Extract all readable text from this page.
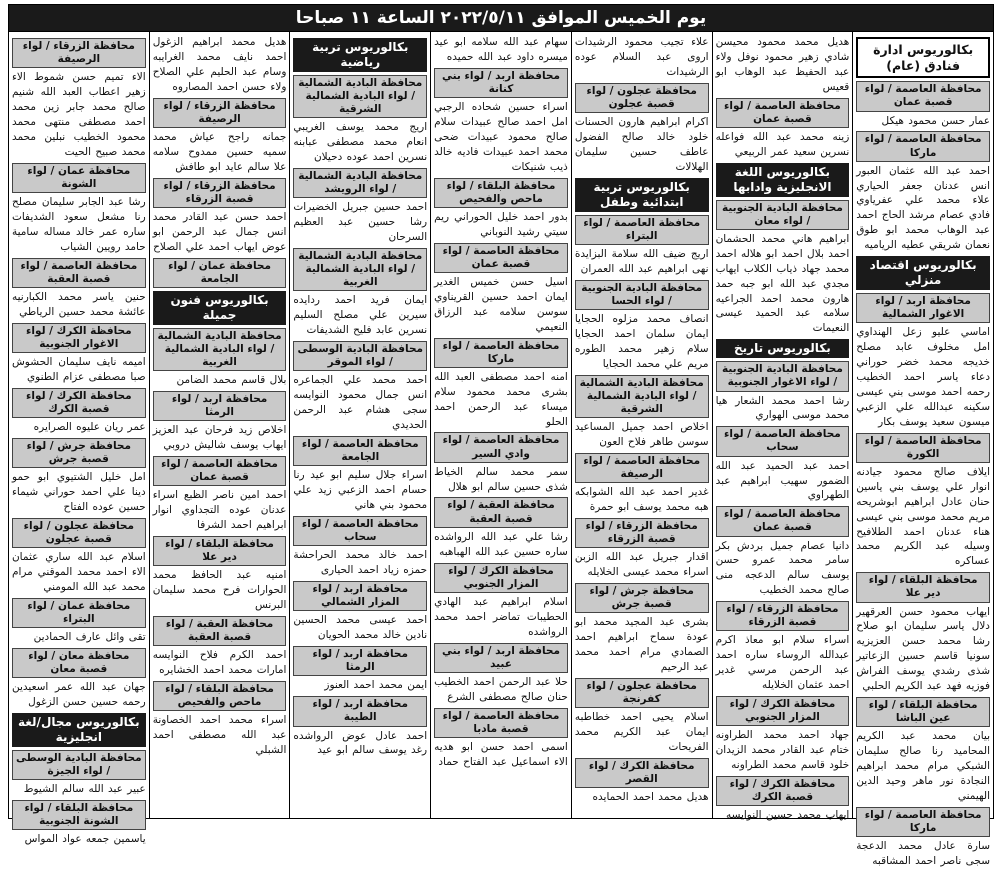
يوم الخميس الموافق ٢٠٢٢/٥/١١ الساعة ١١ صباحا
بكالوريوس ادارة فنادق (عام)
محافظة العاصمة / لواء قصبة عمان
عمار حسن محمود هيكل
محافظة العاصمة / لواء ماركا
احمد عبد الله عثمان العبور انس عدنان جعفر الحياري علاء محمد علي عفرياوي فادي عصام مرشد الحاج احمد عبد الوهاب محمد ابو طوق نعمان شريقي عطيه الرياميه
بكالوريوس اقتصاد منزلي
محافظة اربد / لواء الاغوار الشمالية
اماسي عليو زعل الهنداوي امل مخلوف عابد مصلح خديجه محمد خضر حوراني دعاء ياسر احمد الخطيب رحمه احمد موسى بني عيسى سكينه عبدالله علي الزعبي ميسون سعيد يوسف بكار
محافظة العاصمة / لواء الكورة
ايلاف صالح محمود جيادنه انوار علي يوسف بني ياسين حنان عادل ابراهيم ابوشريحه مريم محمد موسى بني عيسى هناء عدنان احمد الطلافيح وسيله عبد الكريم محمد عساكره
محافظة البلقاء / لواء دير علا
ايهاب محمود حسن العرقهير دلال ياسر سليمان ابو صلاح رشا محمد حسن العزيزيه سونيا قاسم حسين الزعاتير شذى رشدي يوسف الفراش فوزيه فهد عبد الكريم الحلبي
محافظة البلقاء / لواء عين الباشا
بيان محمد عبد الكريم المحاميد رنا صالح سليمان الشبكي مرام محمد ابراهيم النجادة نور ماهر وحيد الدين الهيمني
محافظة العاصمة / لواء ماركا
سارة عادل محمد الدعجة سجى ناصر احمد المشاقبه
هديل محمد محمود محيسن شادي زهير محمود نوفل ولاء عبد الحفيظ عبد الوهاب ابو قعيس
محافظة العاصمة / لواء قصبة عمان
زينه محمد عبد الله فواعله نسرين سعيد عمر الربيعي
بكالوريوس اللغة الانجليزية وادابها
محافظة البادية الجنوبية / لواء معان
ابراهيم هاني محمد الحشمان احمد بلال احمد ابو هلاله احمد محمد جهاد ذياب الكلاب ايهاب مجدي عبد الله ابو جبه حمد هارون محمد احمد الجراعيه سلامه عبد الحميد عيسى النعيمات
بكالوريوس تاريخ
محافظة البادية الجنوبية / لواء الاغوار الجنوبية
رشا احمد محمد الشعار هيا محمد موسى الهواري
محافظة العاصمة / لواء سحاب
احمد عبد الحميد عبد الله الضمور سهيب ابراهيم عبد الطهراوي
محافظة العاصمة / لواء قصبة عمان
دانيا عصام جميل بردش بكر سامر محمد عمرو حسن يوسف سالم الدعجه منى صالح محمد الخطيب
محافظة الزرقاء / لواء قصبة الزرقاء
اسراء سلام ابو معاذ اكرم عبدالله الروساء ساره احمد عبد الرحمن مرسي غدير احمد عثمان الخلايله
محافظة الكرك / لواء المزار الجنوبي
جهاد احمد محمد الطراونه ختام عبد القادر محمد الزيدان خلود قاسم محمد الطراونه
محافظة الكرك / لواء قصبة الكرك
ايهاب محمد حسين النوايسه
علاء تجيب محمود الرشيدات اروى عبد السلام عوده الرشيدات
محافظة عجلون / لواء قصبة عجلون
اكرام ابراهيم هارون الحسنات خلود خالد صالح الفضول عاطف حسين سليمان الهلالات
بكالوريوس تربية ابتدائية وطفل
محافظة العاصمة / لواء البتراء
اريج ضيف الله سلامة البزايدة نهى ابراهيم عبد الله العمران
محافظة البادية الجنوبية / لواء الحسا
انصاف محمد مزلوه الحجايا ايمان سلمان احمد الحجايا سلام زهير محمد الطوره مريم علي محمد الحجايا
محافظة البادية الشمالية / لواء البادية الشمالية الشرقية
اخلاص احمد جميل المساعيد سوسن طاهر فلاح العون
محافظة العاصمة / لواء الرصيفة
غدير احمد عبد الله الشوابكه هبه محمد يوسف ابو حمرة
محافظة الزرقاء / لواء قصبة الزرقاء
اقدار جبريل عبد الله الزبن اسراء محمد عيسى الخلايله
محافظة جرش / لواء قصبة جرش
بشرى عبد المجيد محمد ابو عودة سماح ابراهيم احمد الصمادي مرام احمد محمد عبد الرحيم
محافظة عجلون / لواء كفرنجة
اسلام يحيى احمد خطاطبه ايمان عبد الكريم محمد الفريحات
محافظة الكرك / لواء القصر
هديل محمد احمد الحمايده
سهام عبد الله سلامه ابو عيد ميسره داود عبد الله حميده
محافظة اربد / لواء بني كنانة
اسراء حسين شحاده الرجبي امل احمد صالح عبيدات سلام صالح محمود عبيدات ضحى محمد احمد عبيدات فاديه خالد ذيب شنيكات
محافظة البلقاء / لواء ماحص والفحيص
بدور احمد خليل الحوراني ريم سيتي رشيد النوباني
محافظة العاصمة / لواء قصبة عمان
اسيل حسن خميس الغدير ايمان احمد حسين القريناوي سوسن سلامه عبد الرزاق النعيمي
محافظة العاصمة / لواء ماركا
امنه احمد مصطفى العبد الله بشرى محمد محمود سلام ميساء عبد الرحمن احمد الحلو
محافظة العاصمة / لواء وادي السير
سمر محمد سالم الخياط شذى حسين سالم ابو هلال
محافظة العقبة / لواء قصبة العقبة
رشا علي عبد الله الرواشده ساره حسين عبد الله الهباهبه
محافظة الكرك / لواء المزار الجنوبي
اسلام ابراهيم عبد الهادي الحطيبات تماضر احمد محمد الرواشده
محافظة اربد / لواء بني عبيد
حلا عبد الرحمن احمد الخطيب حنان صالح مصطفى الشرع
محافظة العاصمة / لواء قصبة مادبا
اسمى احمد حسن ابو هديه الاء اسماعيل عبد الفتاح حماد
بكالوريوس تربية رياضية
محافظة البادية الشمالية / لواء البادية الشمالية الشرقية
اريج محمد يوسف الغريبي انعام محمد مصطفى عبابنه نسرين احمد عوده دحيلان
محافظة البادية الشمالية / لواء الرويشد
احمد حسين جبريل الخضيرات رشا حسين عبد العظيم السرحان
محافظة البادية الشمالية / لواء البادية الشمالية الغربية
ايمان فريد احمد ردايده سيرين علي مصلح السليم نسرين عابد فليح الشديفات
محافظة البادية الوسطى / لواء الموقر
احمد محمد علي الجماعره انس جمال محمود النوايسه سجى هشام عبد الرحمن الحديدي
محافظة العاصمة / لواء الجامعة
اسراء جلال سليم ابو عيد رنا حسام احمد الزعبي زيد علي محمود بني هاني
محافظة العاصمة / لواء سحاب
احمد خالد محمد الحراحشة حمزه زياد احمد الحيارى
محافظة اربد / لواء المزار الشمالي
احمد عيسى محمد الحسين نادين خالد محمد الحويان
محافظة اربد / لواء الرمثا
ايمن محمد احمد العنوز
محافظة اربد / لواء الطيبة
احمد عادل عوض الرواشده رغد يوسف سالم ابو عيد
هديل محمد ابراهيم الزغول احمد نايف محمد الغرايبه وسام عبد الحليم علي الصلاح ولاء حسن احمد المصاروه
محافظة الزرقاء / لواء الرصيفة
جمانه راجح عياش محمد سميه حسين ممدوح سلامه علا سالم عايد ابو طافش
محافظة الزرقاء / لواء قصبة الزرقاء
احمد حسن عبد القادر محمد انس جمال عبد الرحمن ابو عوض ايهاب احمد علي الصلاح
محافظة عمان / لواء الجامعة
بكالوريوس فنون جميلة
محافظة البادية الشمالية / لواء البادية الشمالية الغربية
بلال قاسم محمد الضامن
محافظة اربد / لواء الرمثا
اخلاص زيد فرحان عبد العزيز ايهاب يوسف شاليش دروبي
محافظة العاصمة / لواء قصبة عمان
احمد امين ناصر الظبع اسراء عدنان عوده التجداوي انوار ابراهيم احمد الشرفا
محافظة البلقاء / لواء دير علا
امنيه عبد الحافظ محمد الحوارات فرح محمد سليمان البرنس
محافظة العقبة / لواء قصبة العقبة
احمد الكرم فلاح النوايسه امارات محمد احمد الخشايره
محافظة البلقاء / لواء ماحص والفحيص
اسراء محمد احمد الخصاونة عبد الله مصطفى احمد الشبلي
محافظة الزرقاء / لواء الرصيفة
الاء تميم حسن شموط الاء زهير اعطاب العبد الله شنيم صالح محمد جابر زين محمد احمد مصطفى منتهى محمد محمود الخطيب نبلين محمد محمد صبيح الحيت
محافظة عمان / لواء الشونة
رشا عبد الجابر سليمان مصلح رنا مشعل سعود الشديفات ساره عمر خالد مساله سامية حامد رويين الشياب
محافظة العاصمة / لواء قصبة العقبة
حنين ياسر محمد الكبارنيه عائشة محمد حسين الرياطي
محافظة الكرك / لواء الاغوار الجنوبية
اميمه نايف سليمان الحشوش صبا مصطفى عزام الطنوي
محافظة الكرك / لواء قصبة الكرك
عمر ريان عليوه الصرايره
محافظة جرش / لواء قصبة جرش
امل خليل الشتيوي ابو حمو دينا علي احمد حوراني شيماء حسين عوده الفتاح
محافظة عجلون / لواء قصبة عجلون
اسلام عبد الله ساري عثمان الاء احمد محمد الموقني مرام محمد عبد الله المومني
محافظة عمان / لواء البتراء
تقى وائل عارف الحمادين
محافظة معان / لواء قصبة معان
جهان عبد الله عمر اسعيدين رحمه حسين حسن الزغول
بكالوريوس مجال/لغة انجليزية
محافظة البادية الوسطى / لواء الجيزة
عبير عبد الله سالم الشيوط
محافظة البلقاء / لواء الشونة الجنوبية
ياسمين جمعه عواد المواس
